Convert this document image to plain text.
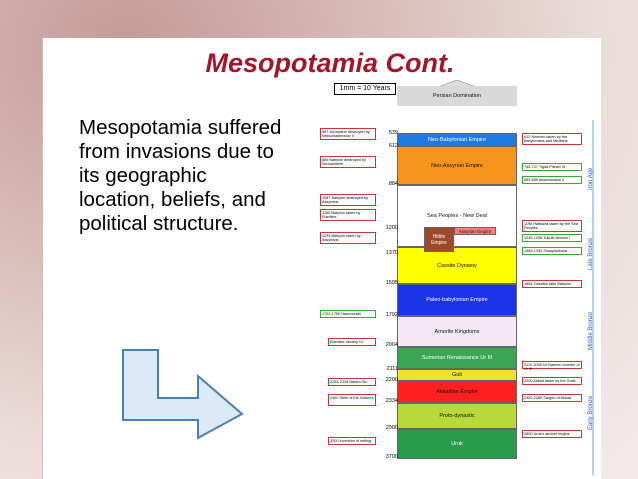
Mesopotamia Cont.
Mesopotamia suffered from invasions due to its geographic location, beliefs, and political structure.
1mm = 10 Years
Persian Domination
Neo-Babylonian Empire
Neo-Assyrian Empire
Sea Peoples - New Deal
Cassite Dynasty
Hittite Empire
Assyrian Empire
Paleo-babylonian Empire
Amorite Kingdoms
Sumerian Renaissance Ur III
Guti
Akkadian Empire
Proto-dynastic
Uruk
539
612
884
1200
1370
1595
1792
2004
2111
2200
2334
2900
3700
587 Jerusalem destroyed by Nebuchadnezzar II
689 Babylon destroyed by Sennacherib
1087 Babylon destroyed by Assyrians
1155 Babylon taken by Elamites
1234 Babylon taken by Assyrians
1792-1750 Hammurabi
Elamites destroy Ur
2254-2218 Naram-Sin
2450 Stele of the Vultures
3200 Invention of writing
612 Nineveh taken by the Babylonians and Medians
745-727 Tiglat-Pileser III
669-659 Assurbanipal II
1190 Hattusha taken by the Sea Peoples
1245-1208 Tukulti-Ninurta I
1365-1330 Shuppiluliuma
1594 Cassites take Babylon
2112-2095 Ur-Nammu founder of Ur III
2200 Akkad taken by the Gutis
2340-2280 Sargon of Akkad
2800 Uruk's decline begins
Iron Age
Late Bronze
Middle Bronze
Early Bronze
